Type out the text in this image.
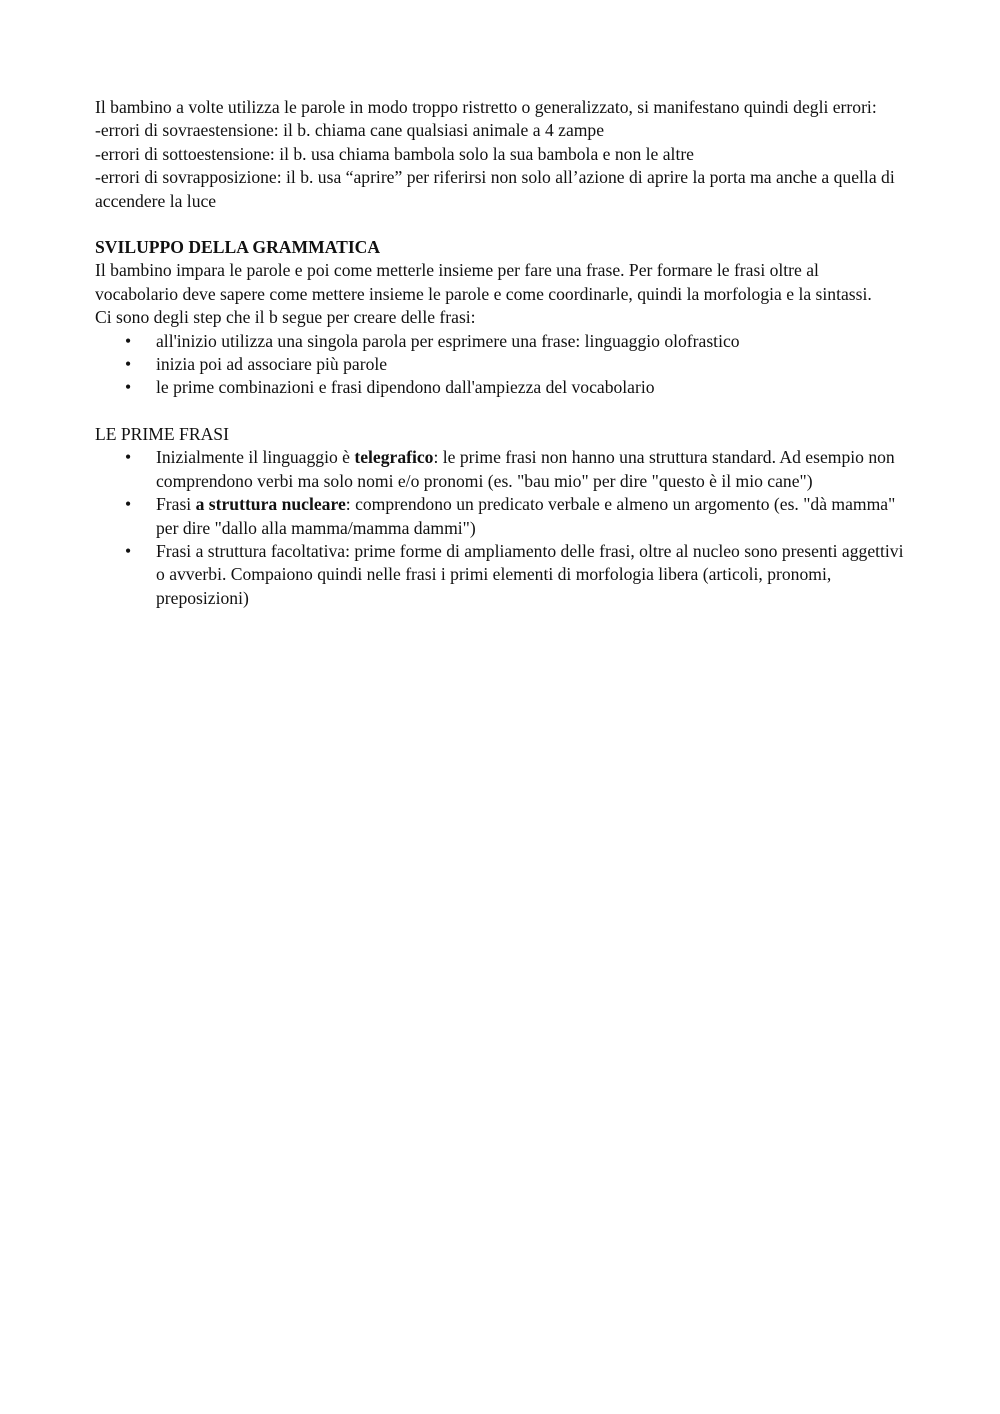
Il bambino a volte utilizza le parole in modo troppo ristretto o generalizzato, si manifestano quindi degli errori:

-errori di sovraestensione: il b. chiama cane qualsiasi animale a 4 zampe

-errori di sottoestensione: il b. usa chiama bambola solo la sua bambola e non le altre

-errori di sovrapposizione: il b. usa “aprire” per riferirsi non solo all’azione di aprire la porta ma anche a quella di accendere la luce

SVILUPPO DELLA GRAMMATICA

Il bambino impara le parole e poi come metterle insieme per fare una frase. Per formare le frasi oltre al vocabolario deve sapere come mettere insieme le parole e come coordinarle, quindi la morfologia e la sintassi.

Ci sono degli step che il b segue per creare delle frasi:

• all'inizio utilizza una singola parola per esprimere una frase: linguaggio olofrastico
• inizia poi ad associare più parole
• le prime combinazioni e frasi dipendono dall'ampiezza del vocabolario

LE PRIME FRASI

• Inizialmente il linguaggio è telegrafico: le prime frasi non hanno una struttura standard. Ad esempio non comprendono verbi ma solo nomi e/o pronomi (es. "bau mio" per dire "questo è il mio cane")
• Frasi a struttura nucleare: comprendono un predicato verbale e almeno un argomento (es. "dà mamma" per dire "dallo alla mamma/mamma dammi")
• Frasi a struttura facoltativa: prime forme di ampliamento delle frasi, oltre al nucleo sono presenti aggettivi o avverbi. Compaiono quindi nelle frasi i primi elementi di morfologia libera (articoli, pronomi, preposizioni)
